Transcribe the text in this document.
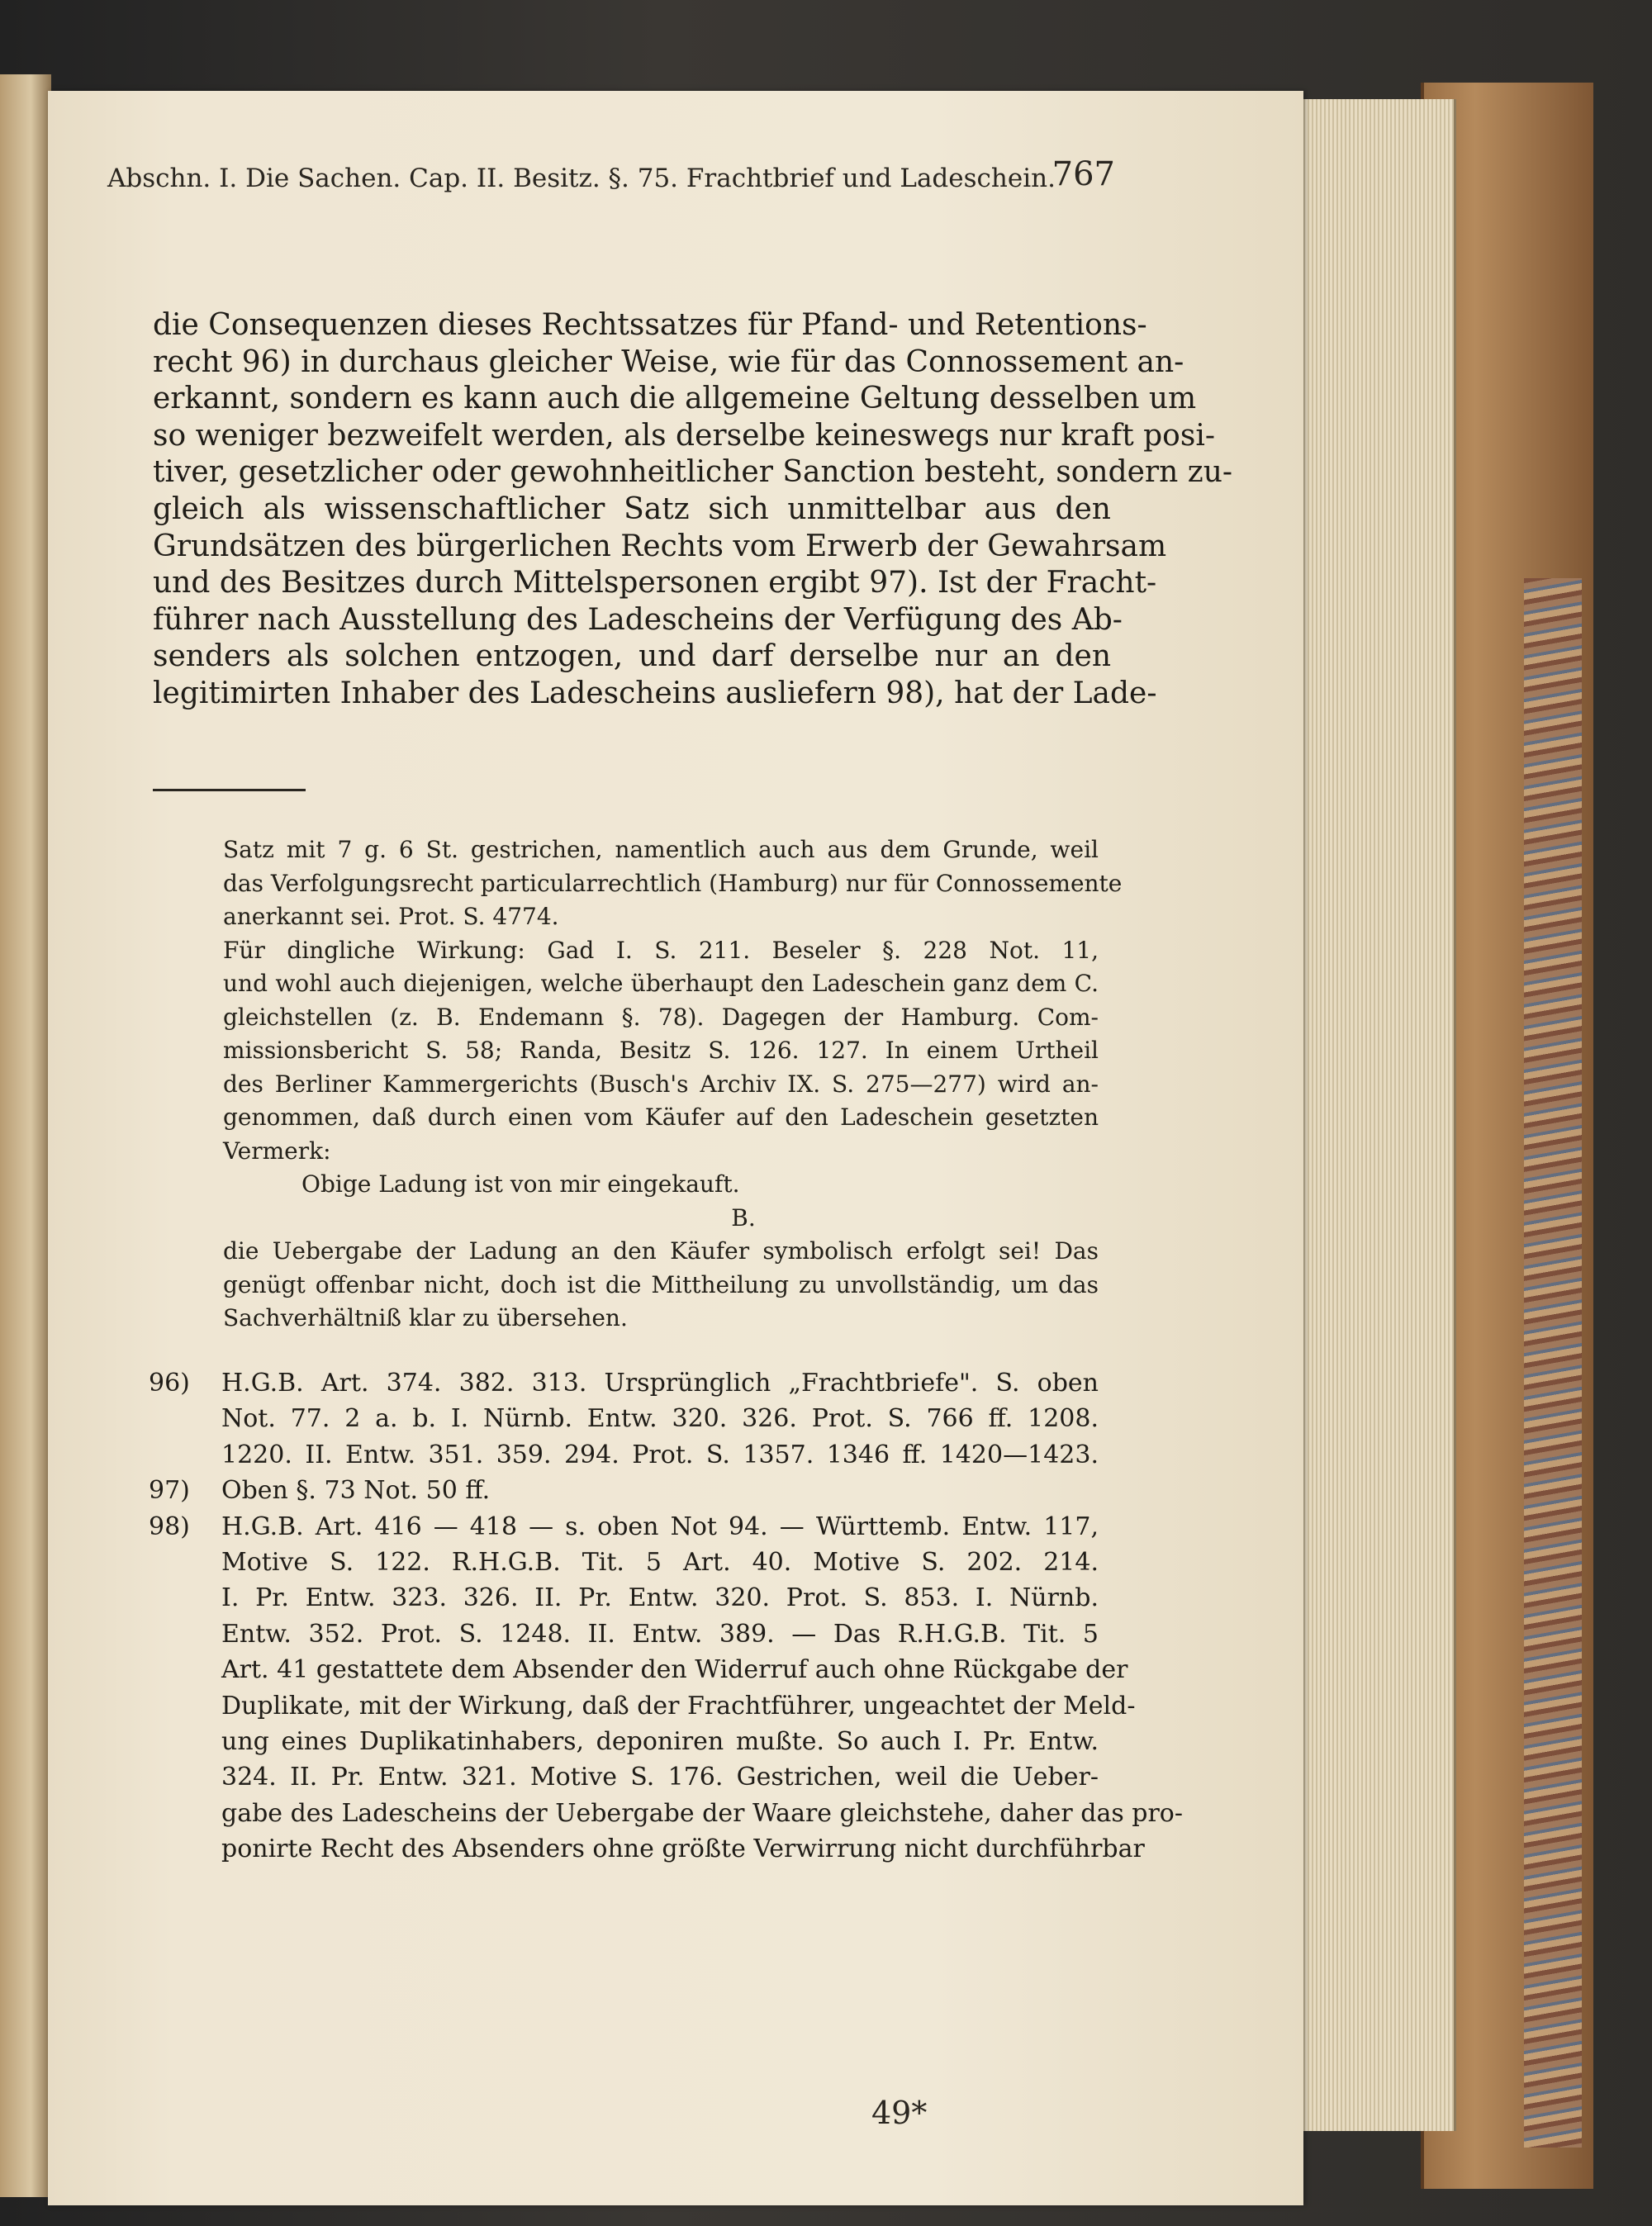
Abschn. I. Die Sachen. Cap. II. Besitz. §. 75. Frachtbrief und Ladeschein.
767
die Consequenzen dieses Rechtssatzes für Pfand- und Retentions-
recht 96) in durchaus gleicher Weise, wie für das Connossement an-
erkannt, sondern es kann auch die allgemeine Geltung desselben um
so weniger bezweifelt werden, als derselbe keineswegs nur kraft posi-
tiver, gesetzlicher oder gewohnheitlicher Sanction besteht, sondern zu-
gleich als wissenschaftlicher Satz sich unmittelbar aus den
Grundsätzen des bürgerlichen Rechts vom Erwerb der Gewahrsam
und des Besitzes durch Mittelspersonen ergibt 97). Ist der Fracht-
führer nach Ausstellung des Ladescheins der Verfügung des Ab-
senders als solchen entzogen, und darf derselbe nur an den
legitimirten Inhaber des Ladescheins ausliefern 98), hat der Lade-
Satz mit 7 g. 6 St. gestrichen, namentlich auch aus dem Grunde, weil
das Verfolgungsrecht particularrechtlich (Hamburg) nur für Connossemente
anerkannt sei. Prot. S. 4774.
Für dingliche Wirkung: Gad I. S. 211. Beseler §. 228 Not. 11,
und wohl auch diejenigen, welche überhaupt den Ladeschein ganz dem C.
gleichstellen (z. B. Endemann §. 78). Dagegen der Hamburg. Com-
missionsbericht S. 58; Randa, Besitz S. 126. 127. In einem Urtheil
des Berliner Kammergerichts (Busch's Archiv IX. S. 275—277) wird an-
genommen, daß durch einen vom Käufer auf den Ladeschein gesetzten
Vermerk:
Obige Ladung ist von mir eingekauft.
B.
die Uebergabe der Ladung an den Käufer symbolisch erfolgt sei! Das
genügt offenbar nicht, doch ist die Mittheilung zu unvollständig, um das
Sachverhältniß klar zu übersehen.
96) H.G.B. Art. 374. 382. 313. Ursprünglich „Frachtbriefe". S. oben
Not. 77. 2 a. b. I. Nürnb. Entw. 320. 326. Prot. S. 766 ff. 1208.
1220. II. Entw. 351. 359. 294. Prot. S. 1357. 1346 ff. 1420—1423.
97) Oben §. 73 Not. 50 ff.
98) H.G.B. Art. 416 — 418 — s. oben Not 94. — Württemb. Entw. 117,
Motive S. 122. R.H.G.B. Tit. 5 Art. 40. Motive S. 202. 214.
I. Pr. Entw. 323. 326. II. Pr. Entw. 320. Prot. S. 853. I. Nürnb.
Entw. 352. Prot. S. 1248. II. Entw. 389. — Das R.H.G.B. Tit. 5
Art. 41 gestattete dem Absender den Widerruf auch ohne Rückgabe der
Duplikate, mit der Wirkung, daß der Frachtführer, ungeachtet der Meld-
ung eines Duplikatinhabers, deponiren mußte. So auch I. Pr. Entw.
324. II. Pr. Entw. 321. Motive S. 176. Gestrichen, weil die Ueber-
gabe des Ladescheins der Uebergabe der Waare gleichstehe, daher das pro-
ponirte Recht des Absenders ohne größte Verwirrung nicht durchführbar
49*
